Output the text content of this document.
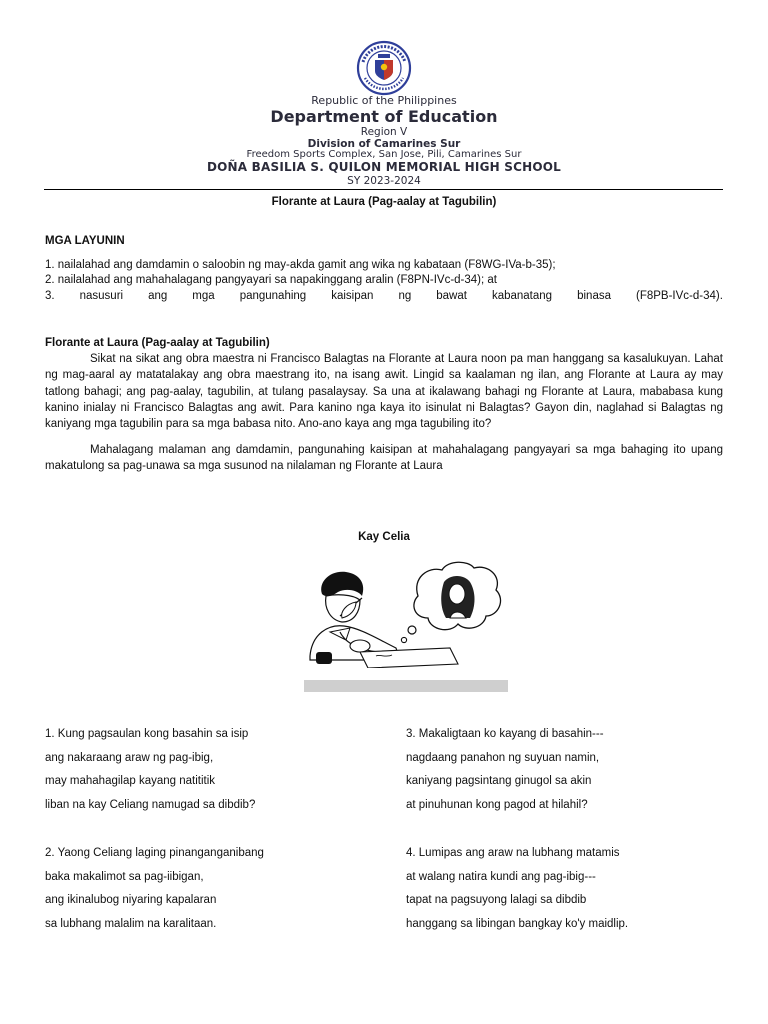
Republic of the Philippines
Department of Education
Region V
Division of Camarines Sur
Freedom Sports Complex, San Jose, Pili, Camarines Sur
DOÑA BASILIA S. QUILON MEMORIAL HIGH SCHOOL
SY 2023-2024
Florante at Laura (Pag-aalay at Tagubilin)
MGA LAYUNIN
1. nailalahad ang damdamin o saloobin ng may-akda gamit ang wika ng kabataan (F8WG-IVa-b-35);
2. nailalahad ang mahahalagang pangyayari sa napakinggang aralin (F8PN-IVc-d-34); at
3. nasusuri ang mga pangunahing kaisipan ng bawat kabanatang binasa (F8PB-IVc-d-34).
Florante at Laura (Pag-aalay at Tagubilin)
Sikat na sikat ang obra maestra ni Francisco Balagtas na Florante at Laura noon pa man hanggang sa kasalukuyan. Lahat ng mag-aaral ay matatalakay ang obra maestrang ito, na isang awit. Lingid sa kaalaman ng ilan, ang Florante at Laura ay may tatlong bahagi; ang pag-aalay, tagubilin, at tulang pasalaysay. Sa una at ikalawang bahagi ng Florante at Laura, mababasa kung kanino inialay ni Francisco Balagtas ang awit. Para kanino nga kaya ito isinulat ni Balagtas? Gayon din, naglahad si Balagtas ng kaniyang mga tagubilin para sa mga babasa nito. Ano-ano kaya ang mga tagubiling ito?
Mahalagang malaman ang damdamin, pangunahing kaisipan at mahahalagang pangyayari sa mga bahaging ito upang makatulong sa pag-unawa sa mga susunod na nilalaman ng Florante at Laura
Kay Celia
1. Kung pagsaulan kong basahin sa isip
ang nakaraang araw ng pag-ibig,
may mahahagilap kayang natititik
liban na kay Celiang namugad sa dibdib?
2. Yaong Celiang laging pinanganganibang
baka makalimot sa pag-iibigan,
ang ikinalubog niyaring kapalaran
sa lubhang malalim na karalitaan.
3. Makaligtaan ko kayang di basahin---
nagdaang panahon ng suyuan namin,
kaniyang pagsintang ginugol sa akin
at pinuhunan kong pagod at hilahil?
4. Lumipas ang araw na lubhang matamis
at walang natira kundi ang pag-ibig---
tapat na pagsuyong lalagi sa dibdib
hanggang sa libingan bangkay ko'y maidlip.
